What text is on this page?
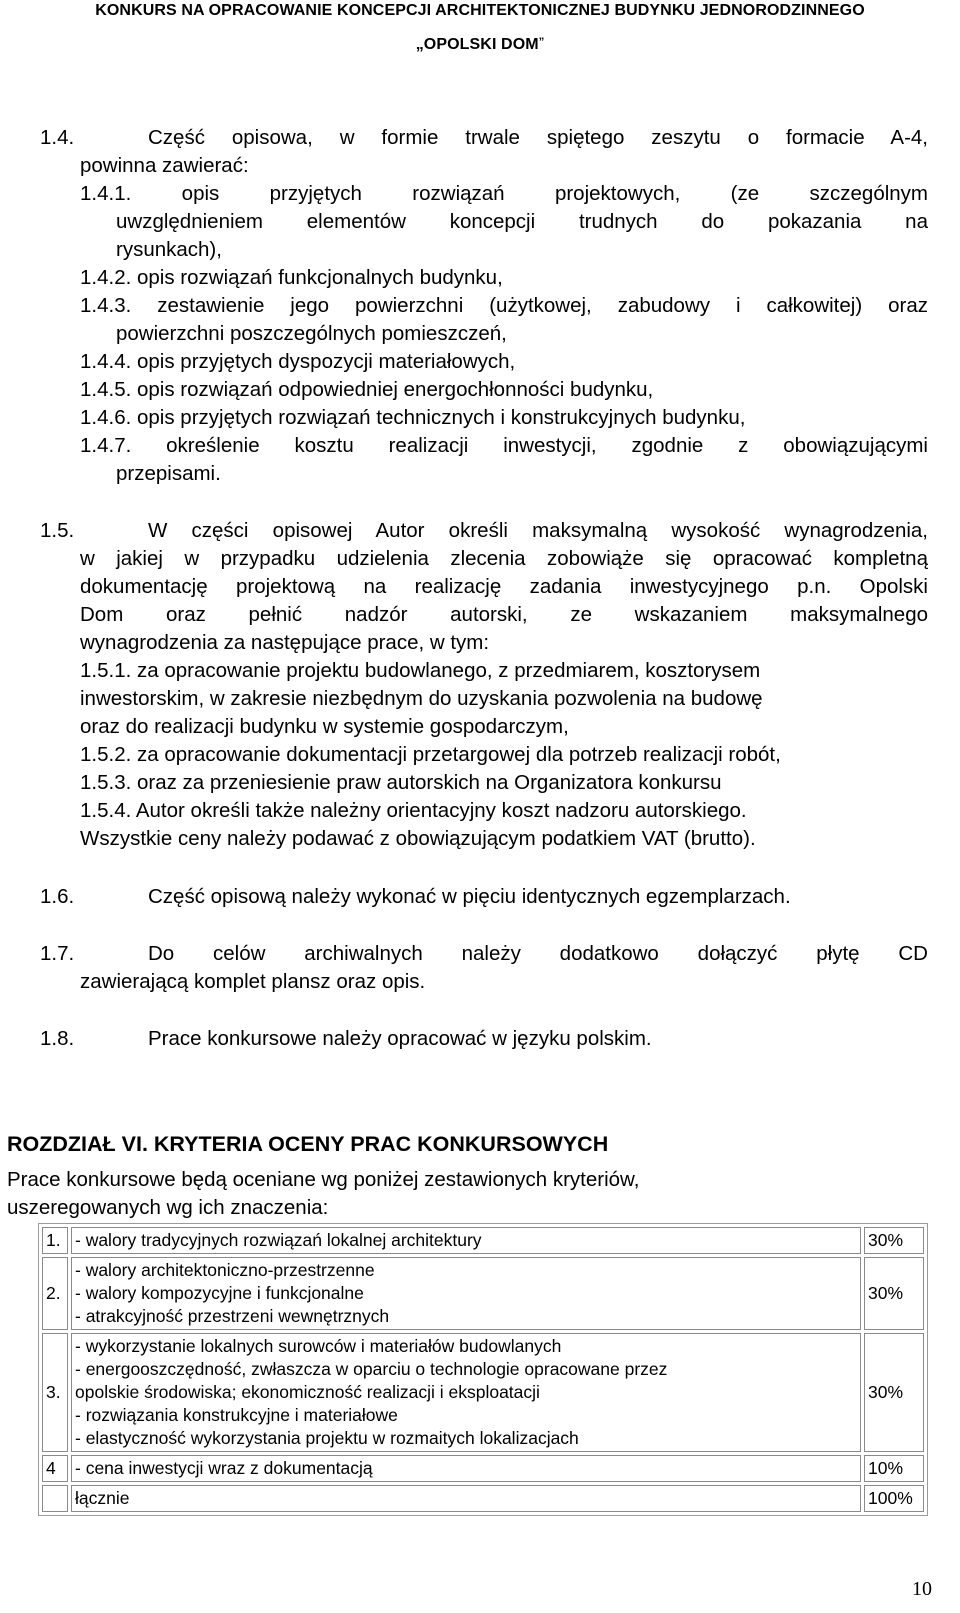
KONKURS NA OPRACOWANIE KONCEPCJI ARCHITEKTONICZNEJ BUDYNKU JEDNORODZINNEGO
„OPOLSKI DOM”
1.4.	Część opisowa, w formie trwale spiętego zeszytu o formacie A-4,
powinna zawierać:
1.4.1. opis przyjętych rozwiązań projektowych, (ze szczególnym
uwzględnieniem elementów koncepcji trudnych do pokazania na
rysunkach),
1.4.2. opis rozwiązań funkcjonalnych budynku,
1.4.3. zestawienie jego powierzchni (użytkowej, zabudowy i całkowitej) oraz
powierzchni poszczególnych pomieszczeń,
1.4.4. opis przyjętych dyspozycji materiałowych,
1.4.5. opis rozwiązań odpowiedniej energochłonności budynku,
1.4.6. opis przyjętych rozwiązań technicznych i konstrukcyjnych budynku,
1.4.7. określenie kosztu realizacji inwestycji, zgodnie z obowiązującymi
przepisami.
1.5.	W części opisowej Autor określi maksymalną wysokość wynagrodzenia,
w jakiej w przypadku udzielenia zlecenia zobowiąże się opracować kompletną
dokumentację projektową na realizację zadania inwestycyjnego p.n. Opolski
Dom oraz pełnić nadzór autorski, ze wskazaniem maksymalnego
wynagrodzenia za następujące prace, w tym:
1.5.1. za opracowanie projektu budowlanego, z przedmiarem, kosztorysem
inwestorskim, w zakresie niezbędnym do uzyskania pozwolenia na budowę
oraz do realizacji budynku w systemie gospodarczym,
1.5.2. za opracowanie dokumentacji przetargowej dla potrzeb realizacji robót,
1.5.3. oraz za przeniesienie praw autorskich na Organizatora konkursu
1.5.4. Autor określi także należny orientacyjny koszt nadzoru autorskiego.
Wszystkie ceny należy podawać z obowiązującym podatkiem VAT (brutto).
1.6.	Część opisową należy wykonać w pięciu identycznych egzemplarzach.
1.7.	Do celów archiwalnych należy dodatkowo dołączyć płytę CD
zawierającą komplet plansz oraz opis.
1.8.	Prace konkursowe należy opracować w języku polskim.
ROZDZIAŁ VI. KRYTERIA OCENY PRAC KONKURSOWYCH
Prace konkursowe będą oceniane wg poniżej zestawionych kryteriów,
uszeregowanych wg ich znaczenia:
1.	- walory tradycyjnych rozwiązań lokalnej architektury	30%
2.	- walory architektoniczno-przestrzenne
- walory kompozycyjne i funkcjonalne
- atrakcyjność przestrzeni wewnętrznych	30%
3.	- wykorzystanie lokalnych surowców i materiałów budowlanych
- energooszczędność, zwłaszcza w oparciu o technologie opracowane przez
opolskie środowiska; ekonomiczność realizacji i eksploatacji
- rozwiązania konstrukcyjne i materiałowe
- elastyczność wykorzystania projektu w rozmaitych lokalizacjach	30%
4	- cena inwestycji wraz z dokumentacją	10%

	łącznie	100%
10
